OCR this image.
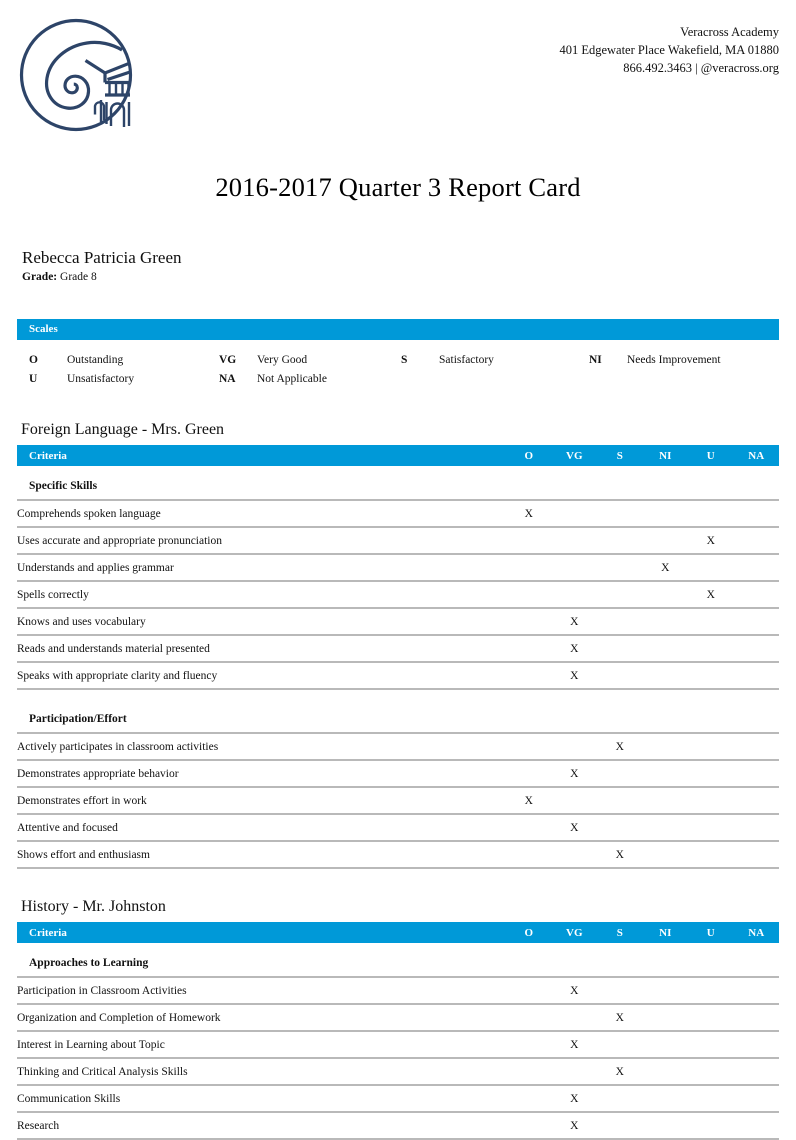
Veracross Academy
401 Edgewater Place Wakefield, MA 01880
866.492.3463 | @veracross.org
2016-2017 Quarter 3 Report Card
Rebecca Patricia Green
Grade: Grade 8
Scales
O	Outstanding	VG	Very Good	S	Satisfactory	NI	Needs Improvement
U	Unsatisfactory	NA	Not Applicable
Foreign Language - Mrs. Green
Criteria	O	VG	S	NI	U	NA
Specific Skills						
Comprehends spoken language	X					
Uses accurate and appropriate pronunciation					X	
Understands and applies grammar				X		
Spells correctly					X	
Knows and uses vocabulary		X				
Reads and understands material presented		X				
Speaks with appropriate clarity and fluency		X				

Participation/Effort						
Actively participates in classroom activities			X			
Demonstrates appropriate behavior		X				
Demonstrates effort in work	X					
Attentive and focused		X				
Shows effort and enthusiasm			X			
History - Mr. Johnston
Criteria	O	VG	S	NI	U	NA
Approaches to Learning						
Participation in Classroom Activities		X				
Organization and Completion of Homework			X			
Interest in Learning about Topic		X				
Thinking and Critical Analysis Skills			X			
Communication Skills		X				
Research		X				
